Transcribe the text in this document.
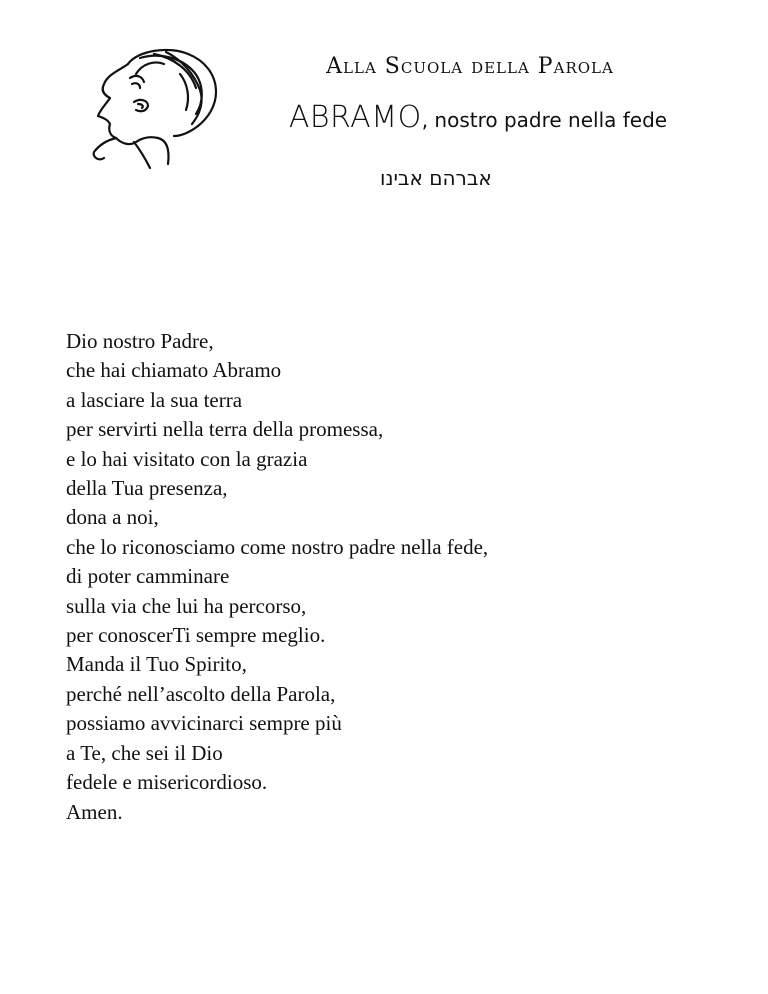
Alla Scuola della Parola
ABRAMO, nostro padre nella fede
אברהם אבינו
Dio nostro Padre,
che hai chiamato Abramo
a lasciare la sua terra
per servirti nella terra della promessa,
e lo hai visitato con la grazia
della Tua presenza,
dona a noi,
che lo riconosciamo come nostro padre nella fede,
di poter camminare
sulla via che lui ha percorso,
per conoscerTi sempre meglio.
Manda il Tuo Spirito,
perché nell’ascolto della Parola,
possiamo avvicinarci sempre più
a Te, che sei il Dio
fedele e misericordioso.
Amen.
